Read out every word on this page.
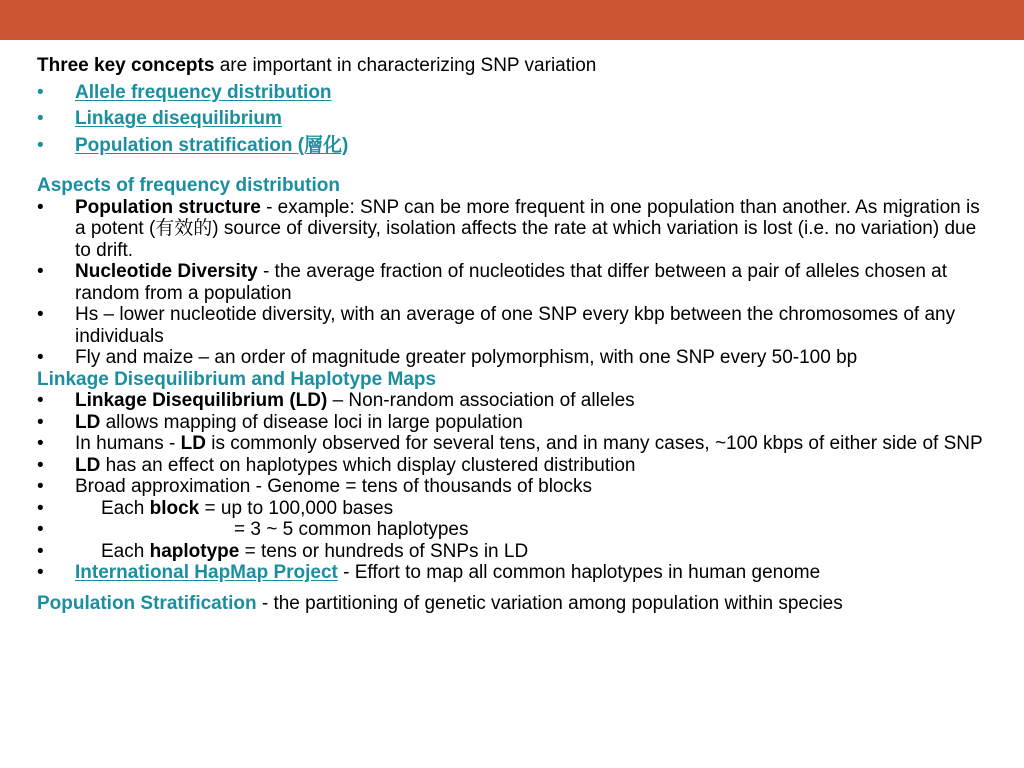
Three key concepts are important in characterizing SNP variation
• Allele frequency distribution
• Linkage disequilibrium
• Population stratification (層化)
Aspects of frequency distribution
• Population structure - example: SNP can be more frequent in one population than another. As migration is a potent (有效的) source of diversity, isolation affects the rate at which variation is lost (i.e. no variation) due to drift.
• Nucleotide Diversity - the average fraction of nucleotides that differ between a pair of alleles chosen at random from a population
• Hs – lower nucleotide diversity, with an average of one SNP every kbp between the chromosomes of any individuals
• Fly and maize – an order of magnitude greater polymorphism, with one SNP every 50-100 bp
Linkage Disequilibrium and Haplotype Maps
• Linkage Disequilibrium (LD) – Non-random association of alleles
• LD allows mapping of disease loci in large population
• In humans - LD is commonly observed for several tens, and in many cases, ~100 kbps of either side of SNP
• LD has an effect on haplotypes which display clustered distribution
• Broad approximation - Genome = tens of thousands of blocks
• Each block = up to 100,000 bases
• = 3 ~ 5 common haplotypes
• Each haplotype = tens or hundreds of SNPs in LD
• International HapMap Project - Effort to map all common haplotypes in human genome
Population Stratification - the partitioning of genetic variation among population within species
